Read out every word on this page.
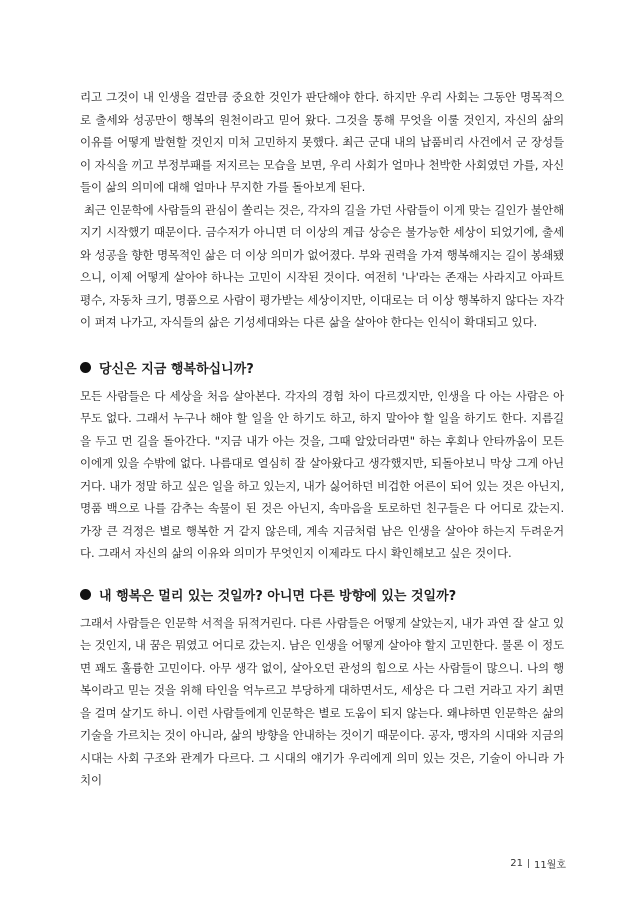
리고 그것이 내 인생을 걸만큼 중요한 것인가 판단해야 한다. 하지만 우리 사회는 그동안 명목적으로 출세와 성공만이 행복의 원천이라고 믿어 왔다. 그것을 통해 무엇을 이룰 것인지, 자신의 삶의 이유를 어떻게 발현할 것인지 미처 고민하지 못했다. 최근 군대 내의 납품비리 사건에서 군 장성들이 자식을 끼고 부정부패를 저지르는 모습을 보면, 우리 사회가 얼마나 천박한 사회였던 가를, 자신들이 삶의 의미에 대해 얼마나 무지한 가를 돌아보게 된다.

최근 인문학에 사람들의 관심이 쏠리는 것은, 각자의 길을 가던 사람들이 이게 맞는 길인가 불안해지기 시작했기 때문이다. 금수저가 아니면 더 이상의 계급 상승은 불가능한 세상이 되었기에, 출세와 성공을 향한 명목적인 삶은 더 이상 의미가 없어졌다. 부와 권력을 가져 행복해지는 길이 봉쇄됐으니, 이제 어떻게 살아야 하나는 고민이 시작된 것이다. 여전히 '나'라는 존재는 사라지고 아파트 평수, 자동차 크기, 명품으로 사람이 평가받는 세상이지만, 이대로는 더 이상 행복하지 않다는 자각이 퍼져 나가고, 자식들의 삶은 기성세대와는 다른 삶을 살아야 한다는 인식이 확대되고 있다.

당신은 지금 행복하십니까?

모든 사람들은 다 세상을 처음 살아본다. 각자의 경험 차이 다르겠지만, 인생을 다 아는 사람은 아무도 없다. 그래서 누구나 해야 할 일을 안 하기도 하고, 하지 말아야 할 일을 하기도 한다. 지름길을 두고 먼 길을 돌아간다. "지금 내가 아는 것을, 그때 알았더라면" 하는 후회나 안타까움이 모든 이에게 있을 수밖에 없다. 나름대로 열심히 잘 살아왔다고 생각했지만, 되돌아보니 막상 그게 아닌 거다. 내가 정말 하고 싶은 일을 하고 있는지, 내가 싫어하던 비겁한 어른이 되어 있는 것은 아닌지, 명품 백으로 나를 감추는 속물이 된 것은 아닌지, 속마음을 토로하던 친구들은 다 어디로 갔는지. 가장 큰 걱정은 별로 행복한 거 같지 않은데, 계속 지금처럼 남은 인생을 살아야 하는지 두려운거다. 그래서 자신의 삶의 이유와 의미가 무엇인지 이제라도 다시 확인해보고 싶은 것이다.

내 행복은 멀리 있는 것일까? 아니면 다른 방향에 있는 것일까?

그래서 사람들은 인문학 서적을 뒤적거린다. 다른 사람들은 어떻게 살았는지, 내가 과연 잘 살고 있는 것인지, 내 꿈은 뭐였고 어디로 갔는지. 남은 인생을 어떻게 살아야 할지 고민한다. 물론 이 정도면 꽤도 훌륭한 고민이다. 아무 생각 없이, 살아오던 관성의 힘으로 사는 사람들이 많으니. 나의 행복이라고 믿는 것을 위해 타인을 억누르고 부당하게 대하면서도, 세상은 다 그런 거라고 자기 최면을 걸며 살기도 하니. 이런 사람들에게 인문학은 별로 도움이 되지 않는다. 왜냐하면 인문학은 삶의 기술을 가르치는 것이 아니라, 삶의 방향을 안내하는 것이기 때문이다. 공자, 맹자의 시대와 지금의 시대는 사회 구조와 관계가 다르다. 그 시대의 얘기가 우리에게 의미 있는 것은, 기술이 아니라 가치이

21 11월호
